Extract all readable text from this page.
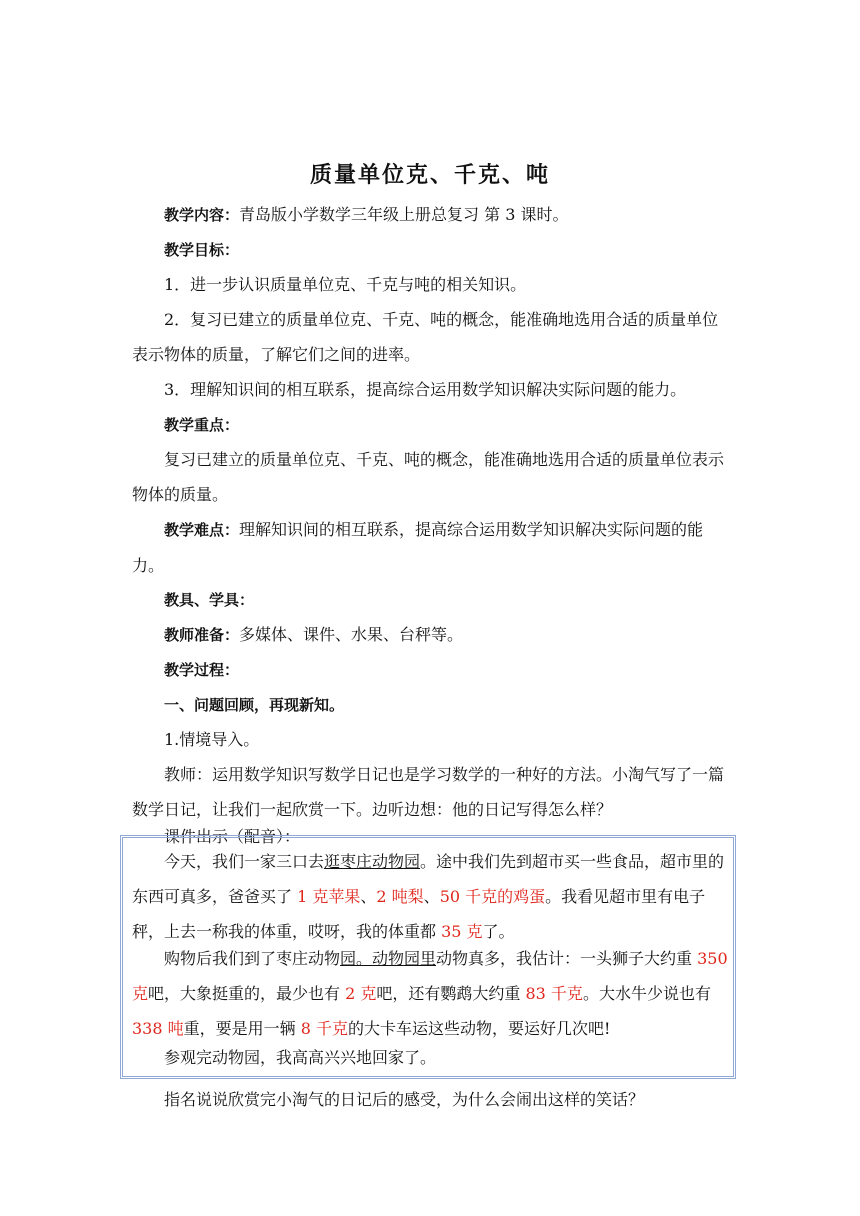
质量单位克、千克、吨

教学内容：青岛版小学数学三年级上册总复习 第 3 课时。

教学目标：

1．进一步认识质量单位克、千克与吨的相关知识。

2．复习已建立的质量单位克、千克、吨的概念，能准确地选用合适的质量单位表示物体的质量，了解它们之间的进率。

3．理解知识间的相互联系，提高综合运用数学知识解决实际问题的能力。

教学重点：

复习已建立的质量单位克、千克、吨的概念，能准确地选用合适的质量单位表示物体的质量。

教学难点：理解知识间的相互联系，提高综合运用数学知识解决实际问题的能力。

教具、学具：

教师准备：多媒体、课件、水果、台秤等。

教学过程：

一、问题回顾，再现新知。

1.情境导入。

教师：运用数学知识写数学日记也是学习数学的一种好的方法。小淘气写了一篇数学日记，让我们一起欣赏一下。边听边想：他的日记写得怎么样？

课件出示（配音）：

今天，我们一家三口去逛枣庄动物园。途中我们先到超市买一些食品，超市里的东西可真多，爸爸买了 1 克苹果、2 吨梨、50 千克的鸡蛋。我看见超市里有电子秤，上去一称我的体重，哎呀，我的体重都 35 克了。

购物后我们到了枣庄动物园。动物园里动物真多，我估计：一头狮子大约重 350 克吧，大象挺重的，最少也有 2 克吧，还有鹦鹉大约重 83 千克。大水牛少说也有 338 吨重，要是用一辆 8 千克的大卡车运这些动物，要运好几次吧!

参观完动物园，我高高兴兴地回家了。

指名说说欣赏完小淘气的日记后的感受，为什么会闹出这样的笑话？
